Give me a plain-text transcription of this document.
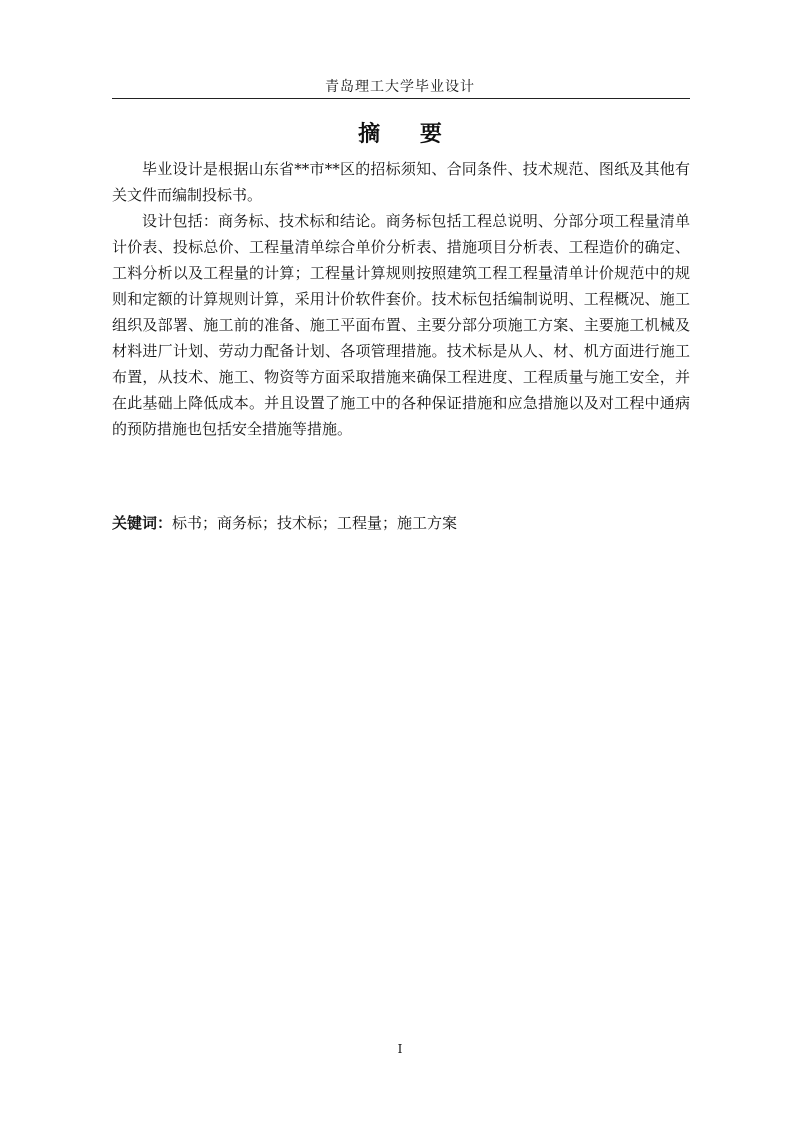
青岛理工大学毕业设计
摘 要

毕业设计是根据山东省**市**区的招标须知、合同条件、技术规范、图纸及其他有关文件而编制投标书。

设计包括：商务标、技术标和结论。商务标包括工程总说明、分部分项工程量清单计价表、投标总价、工程量清单综合单价分析表、措施项目分析表、工程造价的确定、工料分析以及工程量的计算；工程量计算规则按照建筑工程工程量清单计价规范中的规则和定额的计算规则计算，采用计价软件套价。技术标包括编制说明、工程概况、施工组织及部署、施工前的准备、施工平面布置、主要分部分项施工方案、主要施工机械及材料进厂计划、劳动力配备计划、各项管理措施。技术标是从人、材、机方面进行施工布置，从技术、施工、物资等方面采取措施来确保工程进度、工程质量与施工安全，并在此基础上降低成本。并且设置了施工中的各种保证措施和应急措施以及对工程中通病的预防措施也包括安全措施等措施。

关键词：标书；商务标；技术标；工程量；施工方案
I
